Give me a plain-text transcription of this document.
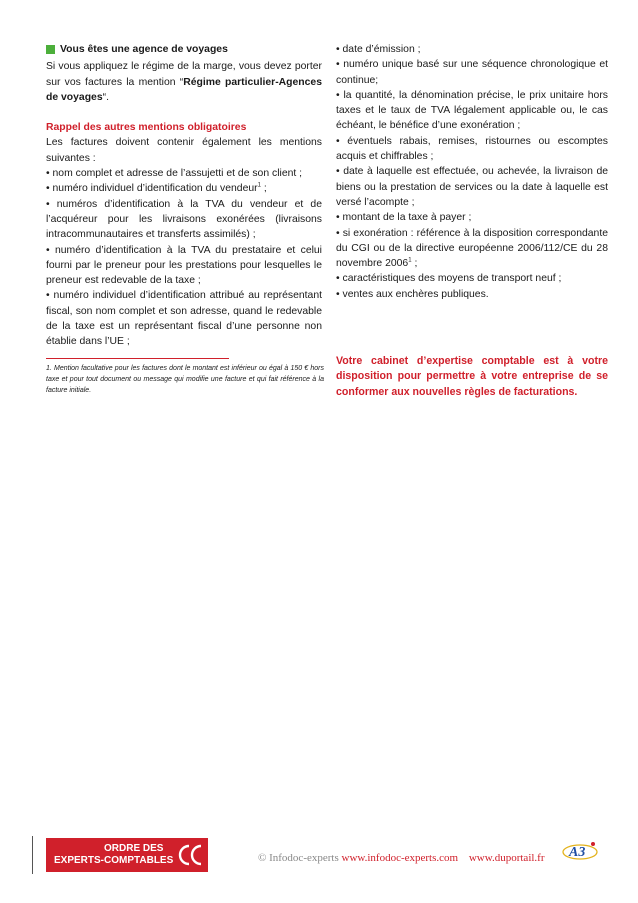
Vous êtes une agence de voyages

Si vous appliquez le régime de la marge, vous devez porter sur vos factures la mention “Régime particulier-Agences de voyages“.

Rappel des autres mentions obligatoires

Les factures doivent contenir également les mentions suivantes :

• nom complet et adresse de l’assujetti et de son client ;

• numéro individuel d’identification du vendeur$^1$ ;

• numéros d’identification à la TVA du vendeur et de l’acquéreur pour les livraisons exonérées (livraisons intracommunautaires et transferts assimilés) ;

• numéro d’identification à la TVA du prestataire et celui fourni par le preneur pour les prestations pour lesquelles le preneur est redevable de la taxe ;

• numéro individuel d’identification attribué au représentant fiscal, son nom complet et son adresse, quand le redevable de la taxe est un représentant fiscal d’une personne non établie dans l’UE ;

1. Mention facultative pour les factures dont le montant est inférieur ou égal à 150 € hors taxe et pour tout document ou message qui modifie une facture et qui fait référence à la facture initiale.

• date d’émission ;

• numéro unique basé sur une séquence chronologique et continue;

• la quantité, la dénomination précise, le prix unitaire hors taxes et le taux de TVA légalement applicable ou, le cas échéant, le bénéfice d’une exonération ;

• éventuels rabais, remises, ristournes ou escomptes acquis et chiffrables ;

• date à laquelle est effectuée, ou achevée, la livraison de biens ou la prestation de services ou la date à laquelle est versé l’acompte ;

• montant de la taxe à payer ;

• si exonération : référence à la disposition correspondante du CGI ou de la directive européenne 2006/112/CE du 28 novembre 2006$^1$ ;

• caractéristiques des moyens de transport neuf ;

• ventes aux enchères publiques.

Votre cabinet d’expertise comptable est à votre disposition pour permettre à votre entreprise de se conformer aux nouvelles règles de facturations.

ORDRE DES
EXPERTS-COMPTABLES	© Infodoc-experts www.infodoc-experts.com www.duportail.fr A3
